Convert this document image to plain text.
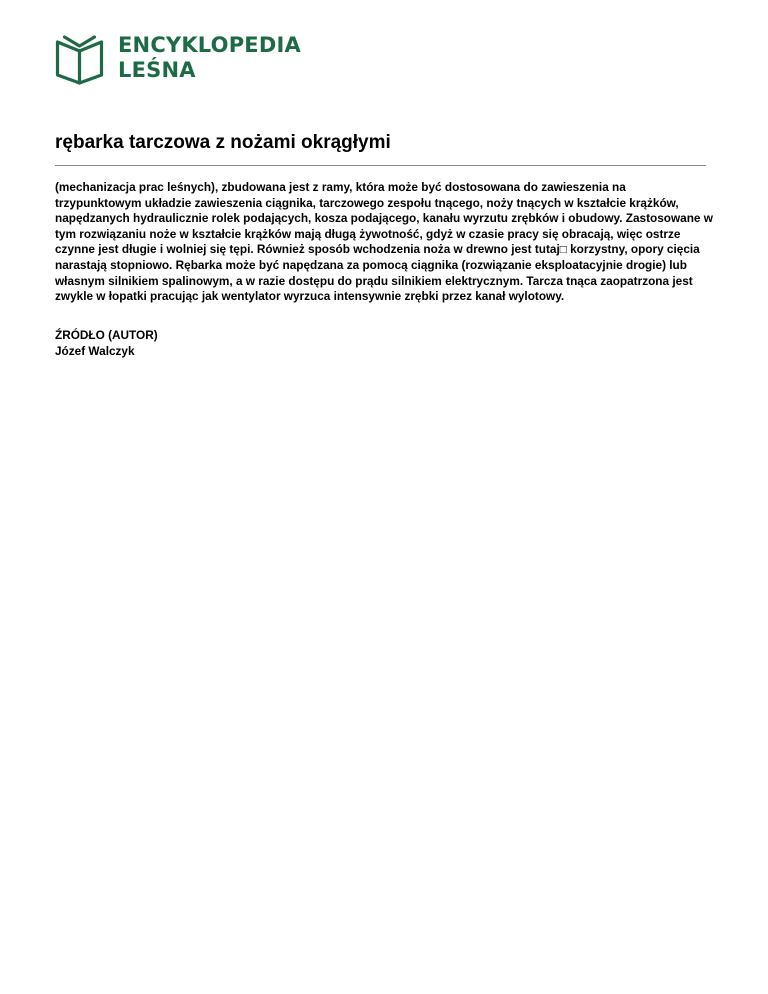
ENCYKLOPEDIA
LEŚNA
rębarka tarczowa z nożami okrągłymi

(mechanizacja prac leśnych), zbudowana jest z ramy, która może być dostosowana do zawieszenia na trzypunktowym układzie zawieszenia ciągnika, tarczowego zespołu tnącego, noży tnących w kształcie krążków, napędzanych hydraulicznie rolek podających, kosza podającego, kanału wyrzutu zrębków i obudowy. Zastosowane w tym rozwiązaniu noże w kształcie krążków mają długą żywotność, gdyż w czasie pracy się obracają, więc ostrze czynne jest długie i wolniej się tępi. Również sposób wchodzenia noża w drewno jest tutaj□ korzystny, opory cięcia narastają stopniowo. Rębarka może być napędzana za pomocą ciągnika (rozwiązanie eksploatacyjnie drogie) lub własnym silnikiem spalinowym, a w razie dostępu do prądu silnikiem elektrycznym. Tarcza tnąca zaopatrzona jest zwykle w łopatki pracując jak wentylator wyrzuca intensywnie zrębki przez kanał wylotowy.

ŹRÓDŁO (AUTOR)

Józef Walczyk
